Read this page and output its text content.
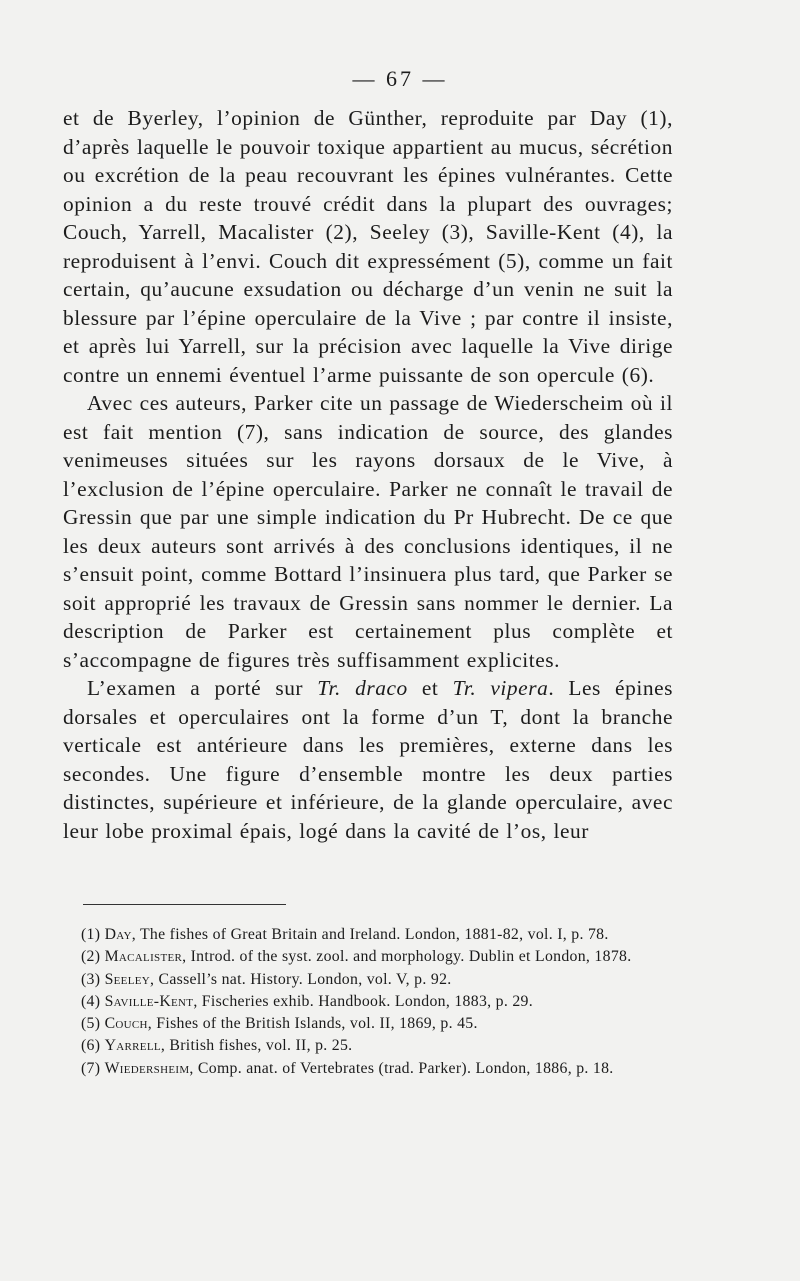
— 67 —

et de Byerley, l’opinion de Günther, reproduite par Day (1), d’après laquelle le pouvoir toxique appartient au mucus, sécrétion ou excrétion de la peau recouvrant les épines vulnérantes. Cette opinion a du reste trouvé crédit dans la plupart des ouvrages; Couch, Yarrell, Macalister (2), Seeley (3), Saville-Kent (4), la reproduisent à l’envi. Couch dit expressément (5), comme un fait certain, qu’aucune exsudation ou décharge d’un venin ne suit la blessure par l’épine operculaire de la Vive ; par contre il insiste, et après lui Yarrell, sur la précision avec laquelle la Vive dirige contre un ennemi éventuel l’arme puissante de son opercule (6).

Avec ces auteurs, Parker cite un passage de Wiederscheim où il est fait mention (7), sans indication de source, des glandes venimeuses situées sur les rayons dorsaux de le Vive, à l’exclusion de l’épine operculaire. Parker ne connaît le travail de Gressin que par une simple indication du Pr Hubrecht. De ce que les deux auteurs sont arrivés à des conclusions identiques, il ne s’ensuit point, comme Bottard l’insinuera plus tard, que Parker se soit approprié les travaux de Gressin sans nommer le dernier. La description de Parker est certainement plus complète et s’accompagne de figures très suffisamment explicites.

L’examen a porté sur Tr. draco et Tr. vipera. Les épines dorsales et operculaires ont la forme d’un T, dont la branche verticale est antérieure dans les premières, externe dans les secondes. Une figure d’ensemble montre les deux parties distinctes, supérieure et inférieure, de la glande operculaire, avec leur lobe proximal épais, logé dans la cavité de l’os, leur

(1) Day, The fishes of Great Britain and Ireland. London, 1881-82, vol. I, p. 78.

(2) Macalister, Introd. of the syst. zool. and morphology. Dublin et London, 1878.

(3) Seeley, Cassell’s nat. History. London, vol. V, p. 92.

(4) Saville-Kent, Fischeries exhib. Handbook. London, 1883, p. 29.

(5) Couch, Fishes of the British Islands, vol. II, 1869, p. 45.

(6) Yarrell, British fishes, vol. II, p. 25.

(7) Wiedersheim, Comp. anat. of Vertebrates (trad. Parker). London, 1886, p. 18.
